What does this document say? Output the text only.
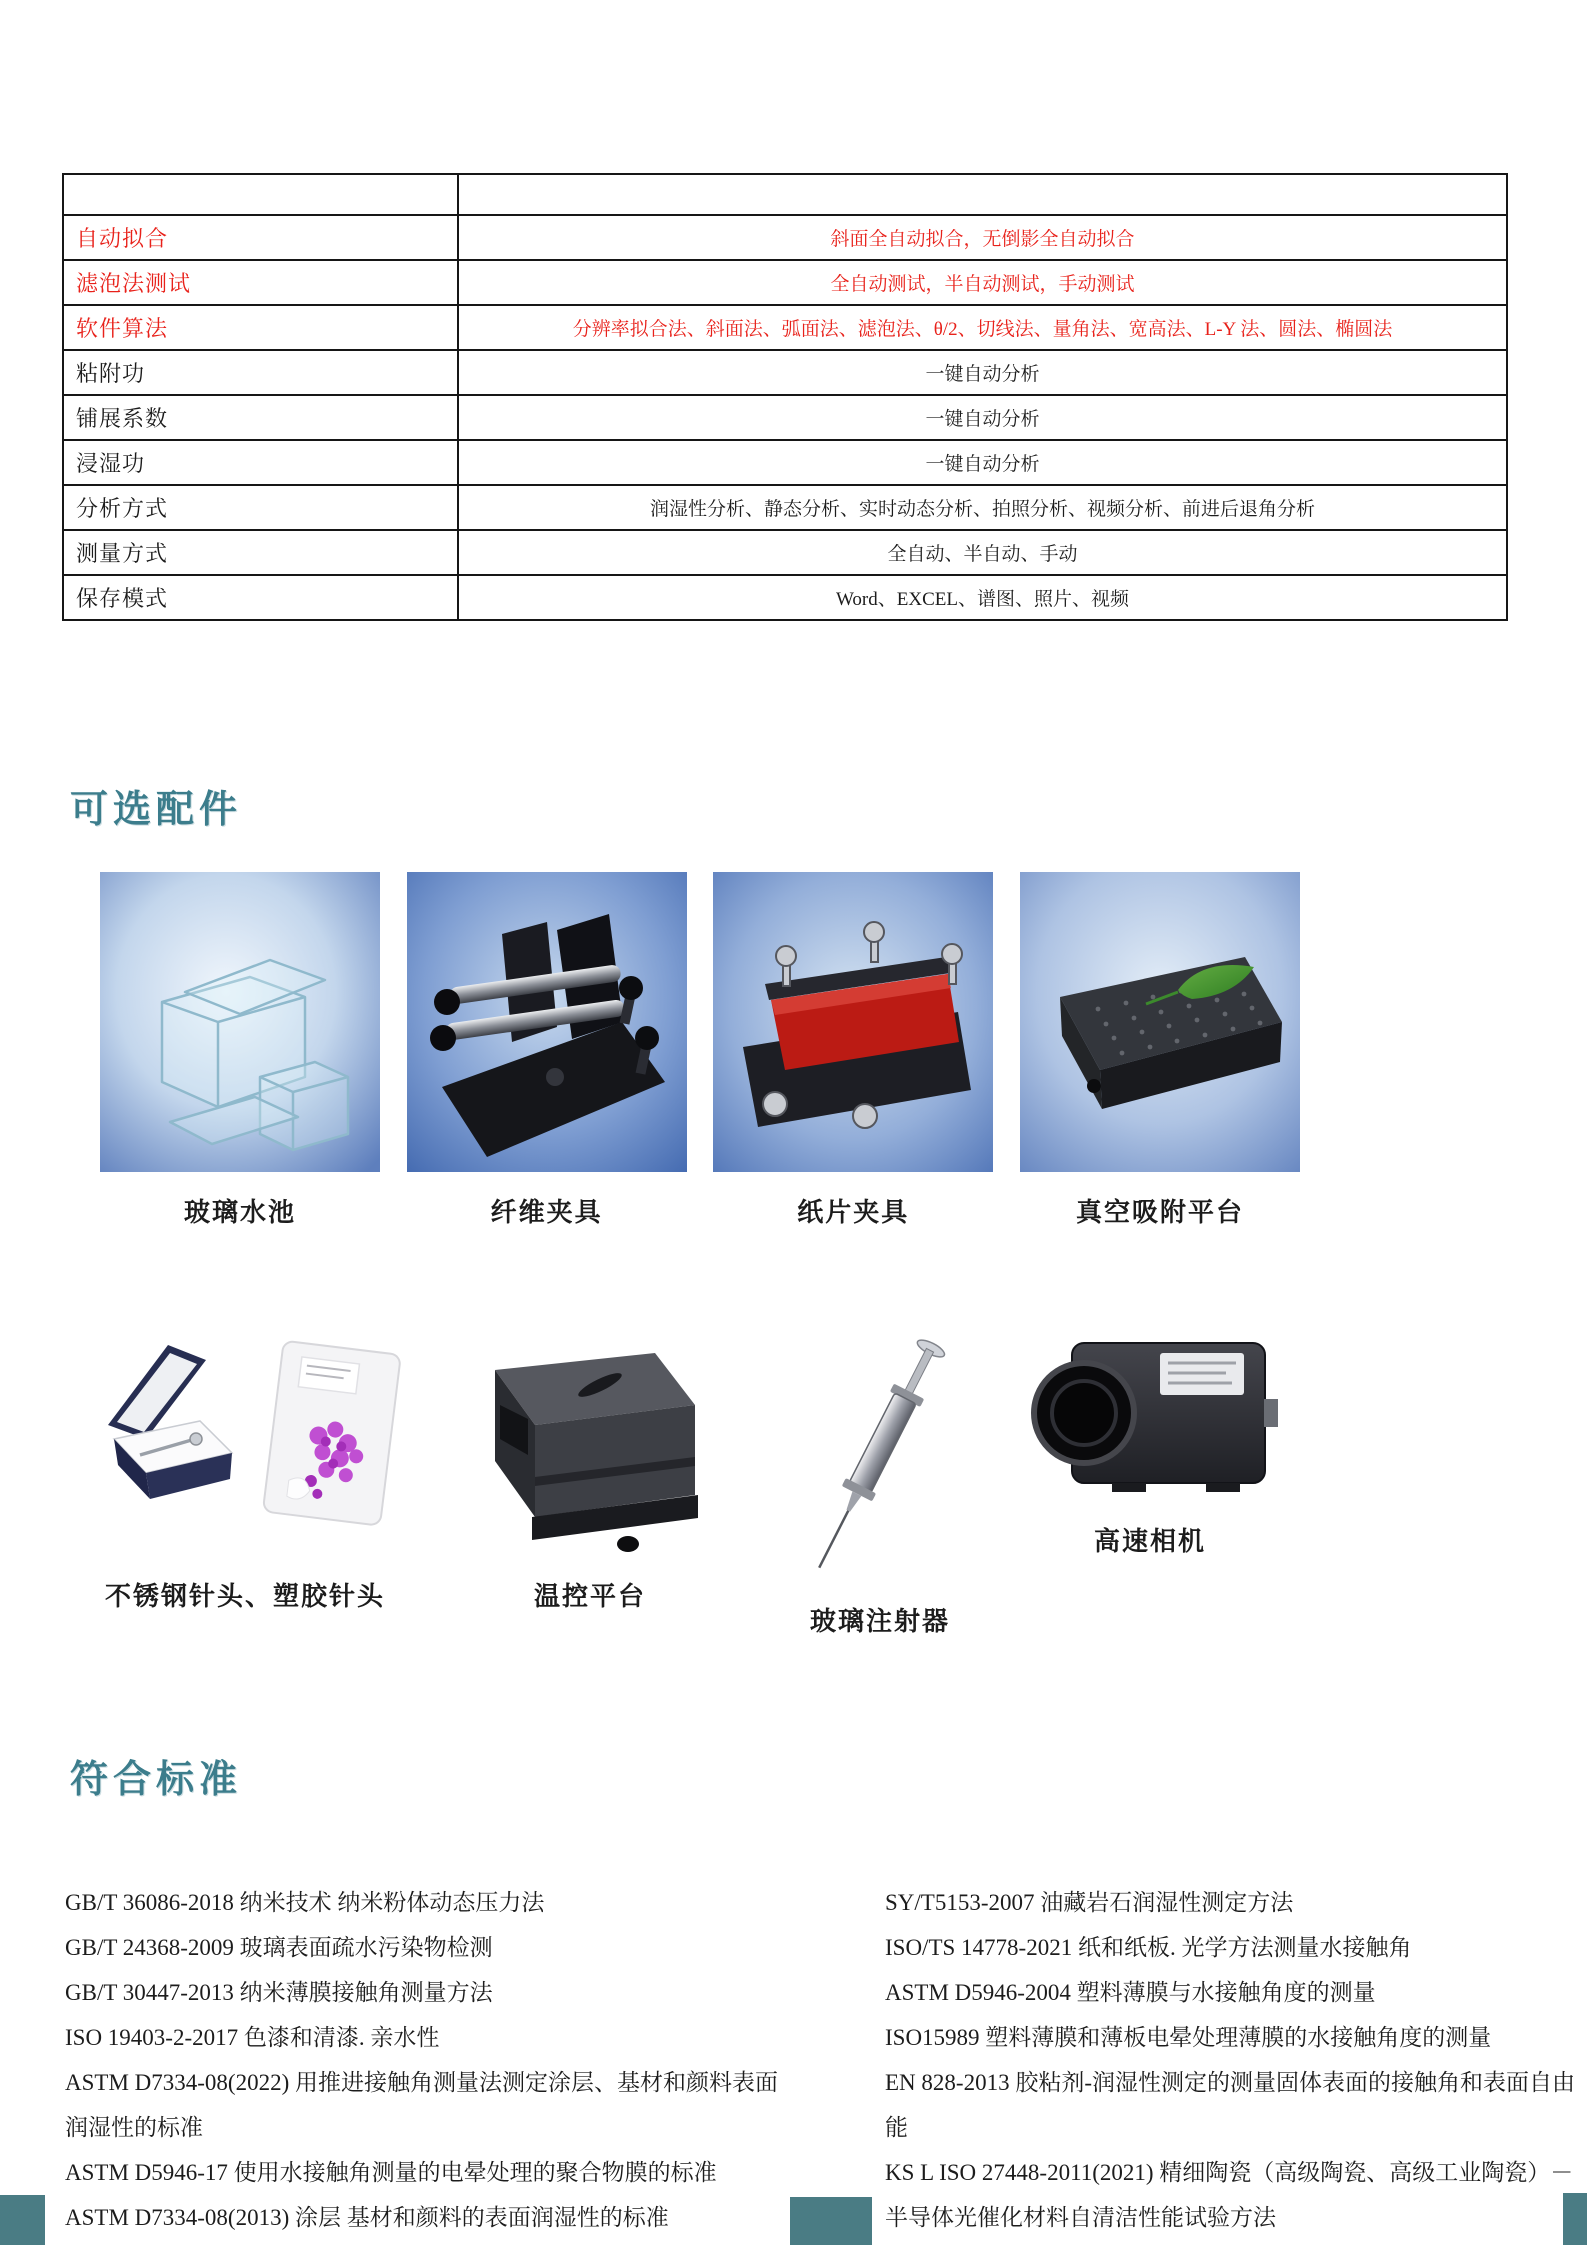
自动拟合	斜面全自动拟合，无倒影全自动拟合
滤泡法测试	全自动测试，半自动测试，手动测试
软件算法	分辨率拟合法、斜面法、弧面法、滤泡法、θ/2、切线法、量角法、宽高法、L-Y 法、圆法、椭圆法
粘附功	一键自动分析
铺展系数	一键自动分析
浸湿功	一键自动分析
分析方式	润湿性分析、静态分析、实时动态分析、拍照分析、视频分析、前进后退角分析
测量方式	全自动、半自动、手动
保存模式	Word、EXCEL、谱图、照片、视频
可选配件
玻璃水池	纤维夹具	纸片夹具	真空吸附平台
不锈钢针头、塑胶针头	温控平台
玻璃注射器
高速相机
符合标准

GB/T 36086-2018 纳米技术 纳米粉体动态压力法

GB/T 24368-2009 玻璃表面疏水污染物检测

GB/T 30447-2013 纳米薄膜接触角测量方法

ISO 19403-2-2017 色漆和清漆. 亲水性

ASTM D7334-08(2022) 用推进接触角测量法测定涂层、基材和颜料表面润湿性的标准

ASTM D5946-17 使用水接触角测量的电晕处理的聚合物膜的标准

ASTM D7334-08(2013) 涂层 基材和颜料的表面润湿性的标准

SY/T5153-2007 油藏岩石润湿性测定方法

ISO/TS 14778-2021 纸和纸板. 光学方法测量水接触角

ASTM D5946-2004 塑料薄膜与水接触角度的测量

ISO15989 塑料薄膜和薄板电晕处理薄膜的水接触角度的测量

EN 828-2013 胶粘剂-润湿性测定的测量固体表面的接触角和表面自由能

KS L ISO 27448-2011(2021) 精细陶瓷（高级陶瓷、高级工业陶瓷）－半导体光催化材料自清洁性能试验方法
